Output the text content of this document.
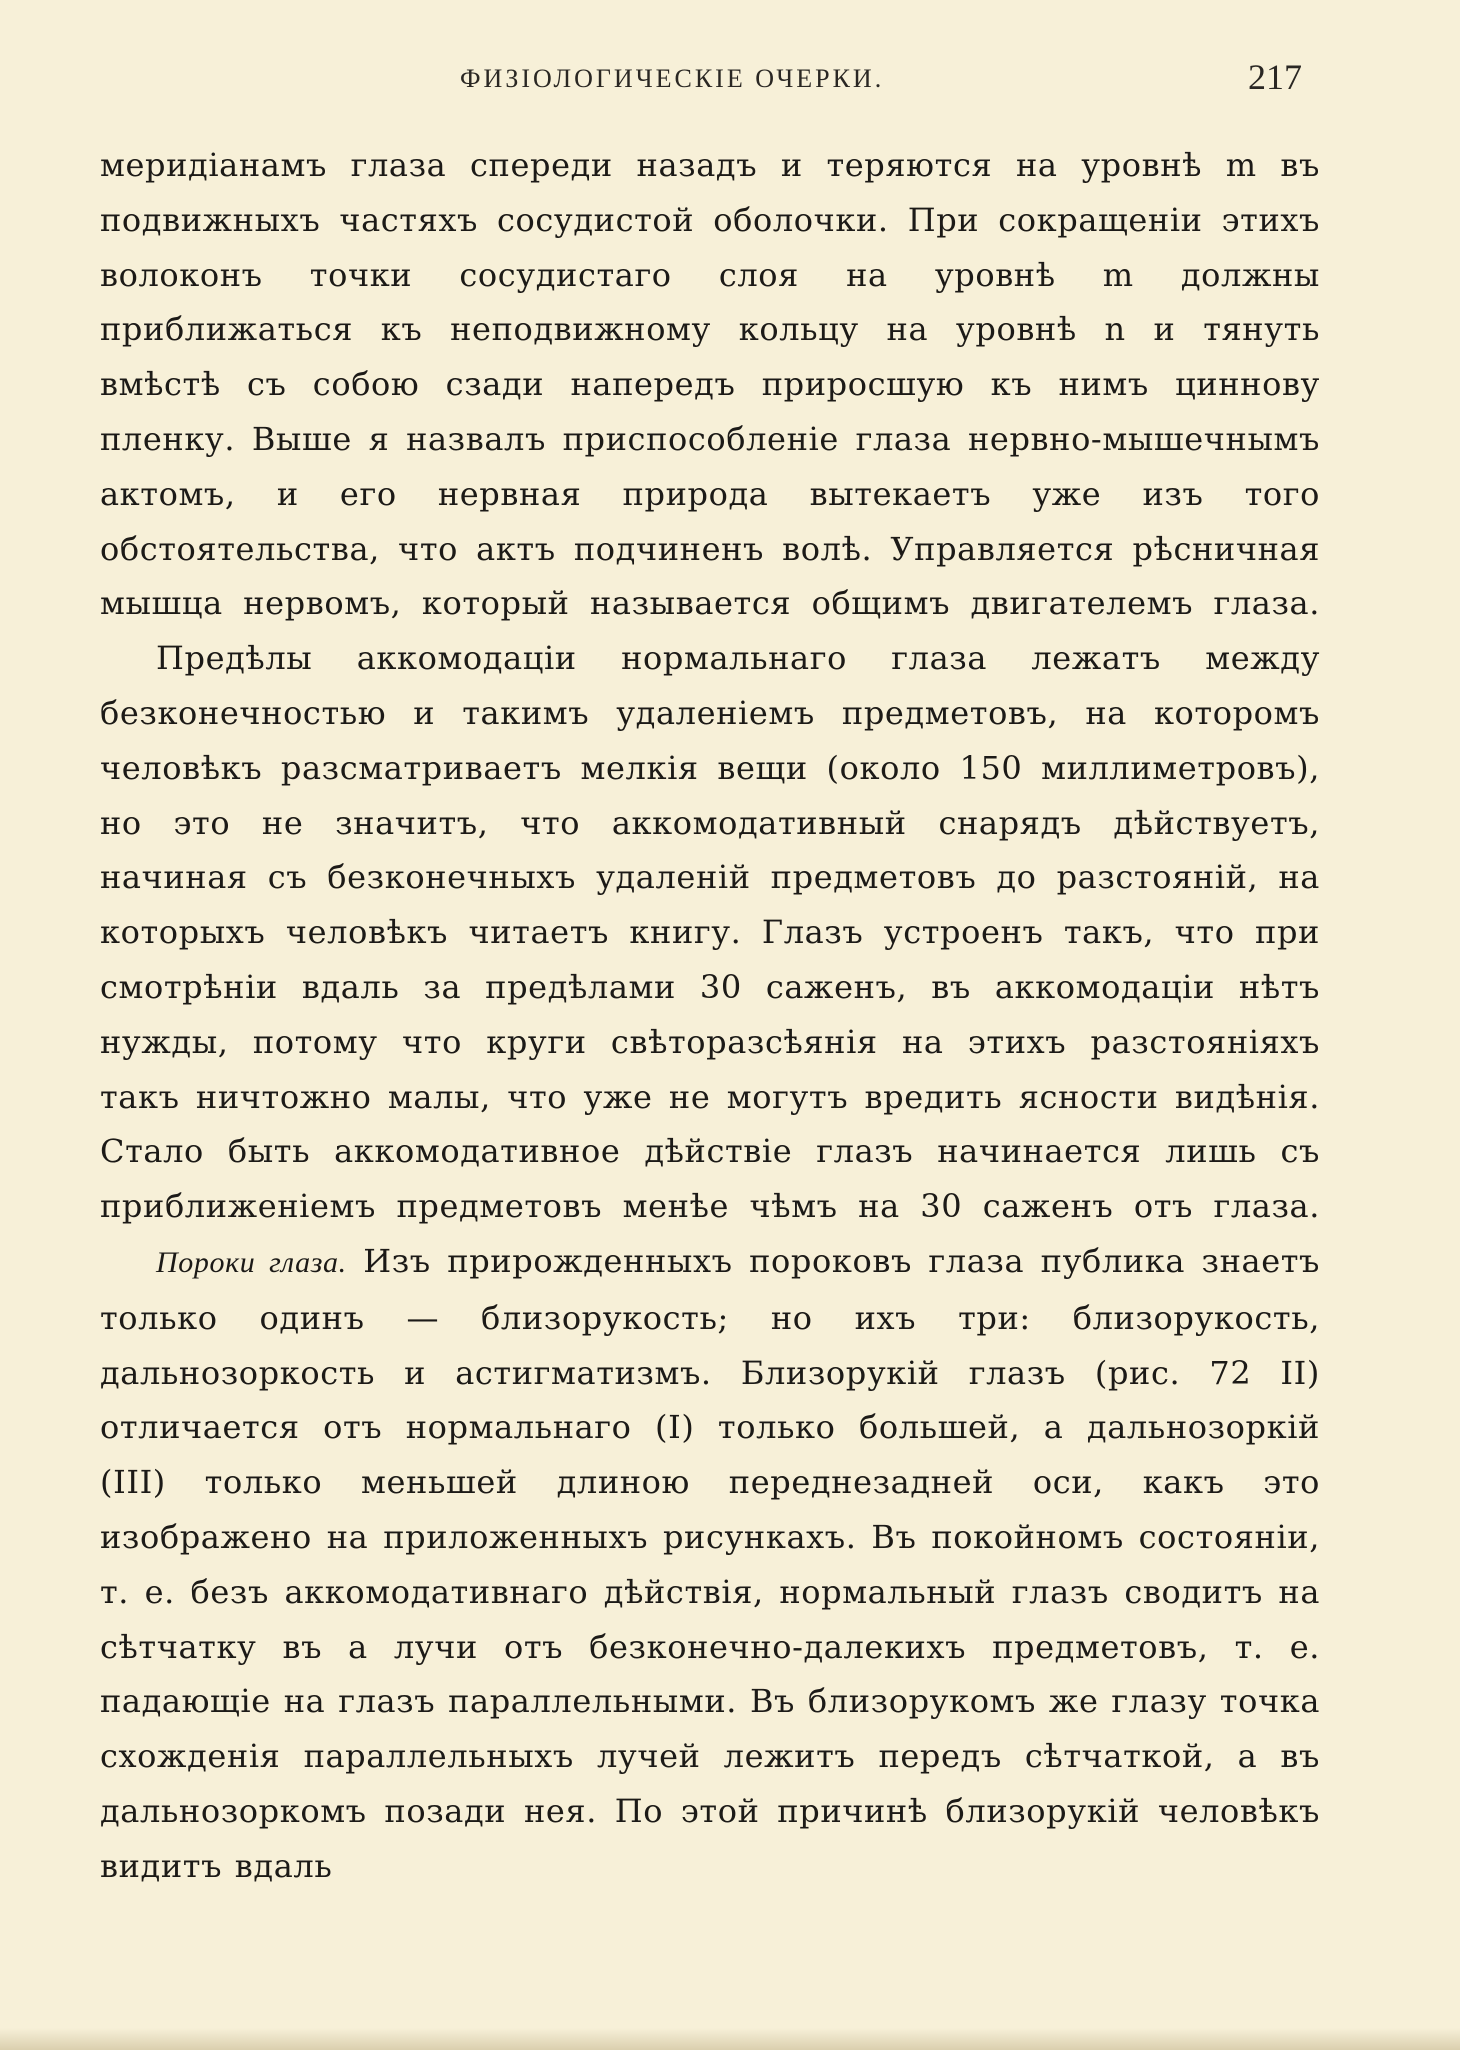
ФИЗІОЛОГИЧЕСКІЕ ОЧЕРКИ.	217

меридіанамъ глаза спереди назадъ и теряются на уровнѣ m въ подвижныхъ частяхъ сосудистой оболочки. При сокращеніи этихъ волоконъ точки сосудистаго слоя на уровнѣ m должны приближаться къ неподвижному кольцу на уровнѣ n и тянуть вмѣстѣ съ собою сзади напередъ приросшую къ нимъ циннову пленку. Выше я назвалъ приспособленіе глаза нервно-мышечнымъ актомъ, и его нервная природа вытекаетъ уже изъ того обстоятельства, что актъ подчиненъ волѣ. Управляется рѣсничная мышца нервомъ, который называется общимъ двигателемъ глаза.

Предѣлы аккомодаціи нормальнаго глаза лежатъ между безконечностью и такимъ удаленіемъ предметовъ, на которомъ человѣкъ разсматриваетъ мелкія вещи (около 150 миллиметровъ), но это не значитъ, что аккомодативный снарядъ дѣйствуетъ, начиная съ безконечныхъ удаленій предметовъ до разстояній, на которыхъ человѣкъ читаетъ книгу. Глазъ устроенъ такъ, что при смотрѣніи вдаль за предѣлами 30 саженъ, въ аккомодаціи нѣтъ нужды, потому что круги свѣторазсѣянія на этихъ разстояніяхъ такъ ничтожно малы, что уже не могутъ вредить ясности видѣнія. Стало быть аккомодативное дѣйствіе глазъ начинается лишь съ приближеніемъ предметовъ менѣе чѣмъ на 30 саженъ отъ глаза.

Пороки глаза. Изъ прирожденныхъ пороковъ глаза публика знаетъ только одинъ — близорукость; но ихъ три: близорукость, дальнозоркость и астигматизмъ. Близорукій глазъ (рис. 72 II) отличается отъ нормальнаго (I) только большей, а дальнозоркій (III) только меньшей длиною переднезадней оси, какъ это изображено на приложенныхъ рисункахъ. Въ покойномъ состояніи, т. е. безъ аккомодативнаго дѣйствія, нормальный глазъ сводитъ на сѣтчатку въ a лучи отъ безконечно-далекихъ предметовъ, т. е. падающіе на глазъ параллельными. Въ близорукомъ же глазу точка схожденія параллельныхъ лучей лежитъ передъ сѣтчаткой, а въ дальнозоркомъ позади нея. По этой причинѣ близорукій человѣкъ видитъ вдаль
